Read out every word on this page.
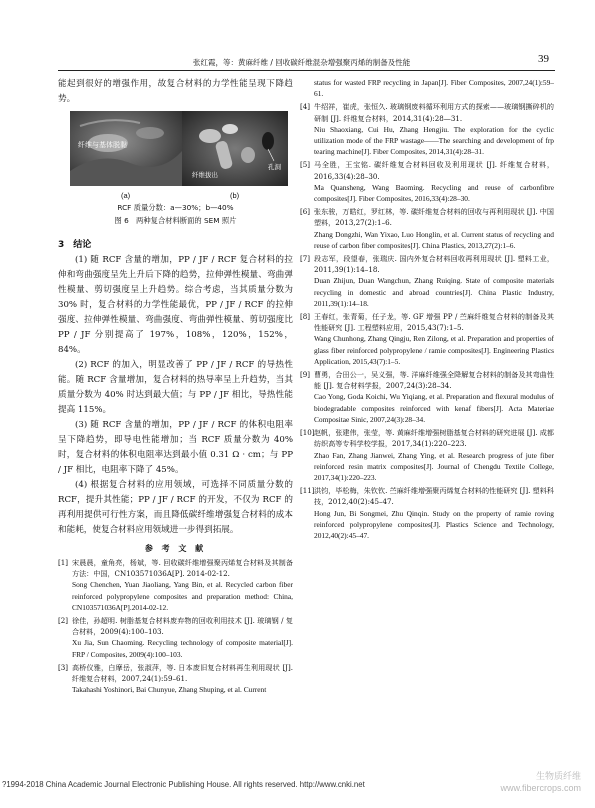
张红霞，等：黄麻纤维 / 回收碳纤维混杂增强聚丙烯的制备及性能	39

能起到很好的增强作用，故复合材料的力学性能呈现下降趋势。

纤维与基体脱黏
纤维拔出
孔洞
(a)	(b)
RCF 质量分数：a—30%；b—40%
图 6　两种复合材料断面的 SEM 照片
3　结论

(1) 随 RCF 含量的增加，PP / JF / RCF 复合材料的拉伸和弯曲强度呈先上升后下降的趋势，拉伸弹性模量、弯曲弹性模量、剪切强度呈上升趋势。综合考虑，当其质量分数为 30% 时，复合材料的力学性能最优，PP / JF / RCF 的拉伸强度、拉伸弹性模量、弯曲强度、弯曲弹性模量、剪切强度比 PP / JF 分别提高了 197%，108%，120%，152%，84%。

(2) RCF 的加入，明显改善了 PP / JF / RCF 的导热性能。随 RCF 含量增加，复合材料的热导率呈上升趋势，当其质量分数为 40% 时达到最大值；与 PP / JF 相比，导热性能提高 115%。

(3) 随 RCF 含量的增加，PP / JF / RCF 的体积电阻率呈下降趋势，即导电性能增加；当 RCF 质量分数为 40% 时，复合材料的体积电阻率达到最小值 0.31 Ω · cm；与 PP / JF 相比，电阻率下降了 45%。

(4) 根据复合材料的应用领域，可选择不同质量分数的 RCF，提升其性能；PP / JF / RCF 的开发，不仅为 RCF 的再利用提供可行性方案，而且降低碳纤维增强复合材料的成本和能耗，使复合材料应用领域进一步得到拓展。

参 考 文 献
[1] 宋晨晨，童角亮，杨斌，等. 回收碳纤维增强聚丙烯复合材料及其制备方法：中国，CN103571036A[P]. 2014-02-12.
Song Chenchen, Yuan Jiaoliang, Yang Bin, et al. Recycled carbon fiber reinforced polypropylene composites and preparation method: China, CN103571036A[P].2014-02-12.
[2] 徐佳，孙超明. 树脂基复合材料废弃物的回收利用技术 [J]. 玻璃钢 / 复合材料，2009(4):100–103.
Xu Jia, Sun Chaoming. Recycling technology of composite material[J]. FRP / Composites, 2009(4):100–103.
[3] 高桥仪雅，白摩岳，张淑萍，等. 日本废旧复合材料再生利用现状 [J]. 纤维复合材料，2007,24(1):59–61.
Takahashi Yoshinori, Bai Chunyue, Zhang Shuping, et al. Current
status for wasted FRP recycling in Japan[J]. Fiber Composites, 2007,24(1):59–61.
[4] 牛绍祥，崔虎，张恒久. 玻璃钢废料循环利用方式的探索——玻璃钢撕碎机的研制 [J]. 纤维复合材料，2014,31(4):28—31.
Niu Shaoxiang, Cui Hu, Zhang Hengjiu. The exploration for the cyclic utilization mode of the FRP wastage——The searching and development of frp tearing machine[J]. Fiber Composites, 2014,31(4):28–31.
[5] 马全胜，王宝铭. 碳纤维复合材料回收及利用现状 [J]. 纤维复合材料，2016,33(4):28–30.
Ma Quansheng, Wang Baoming. Recycling and reuse of carbonfibre composites[J]. Fiber Composites, 2016,33(4):28–30.
[6] 张东骏，万皓红，罗红林，等. 碳纤维复合材料的回收与再利用现状 [J]. 中国塑料，2013,27(2):1–6.
Zhang Dongzhi, Wan Yixao, Luo Honglin, et al. Current status of recycling and reuse of carbon fiber composites[J]. China Plastics, 2013,27(2):1–6.
[7] 段志军，段望春，张瑞庆. 国内外复合材料回收再利用现状 [J]. 塑料工业，2011,39(1):14–18.
Duan Zhijun, Duan Wangchun, Zhang Ruiqing. State of composite materials recycling in domestic and abroad countries[J]. China Plastic Industry, 2011,39(1):14–18.
[8] 王春红，张青菊，任子龙，等. GF 增强 PP / 苎麻纤维复合材料的制备及其性能研究 [J]. 工程塑料应用，2015,43(7):1–5.
Wang Chunhong, Zhang Qingju, Ren Zilong, et al. Preparation and properties of glass fiber reinforced polypropylene / ramie composites[J]. Engineering Plastics Application, 2015,43(7):1–5.
[9] 曹勇，合田公一，吴义强，等. 洋麻纤维强全降解复合材料的制备及其弯曲性能 [J]. 复合材料学报，2007,24(3):28–34.
Cao Yong, Goda Koichi, Wu Yiqiang, et al. Preparation and flexural modulus of biodegradable composites reinforced with kenaf fibers[J]. Acta Materiae Compositae Sinic, 2007,24(3):28–34.
[10] 赵帆，张建伟，张莹，等. 黄麻纤维增强树脂基复合材料的研究进展 [J]. 成都纺织高等专科学校学报，2017,34(1):220–223.
Zhao Fan, Zhang Jianwei, Zhang Ying, et al. Research progress of jute fiber reinforced resin matrix composites[J]. Journal of Chengdu Textile College, 2017,34(1):220–223.
[11] 洪钧，毕松梅，朱钦钦. 苎麻纤维增强聚丙烯复合材料的性能研究 [J]. 塑料科技，2012,40(2):45–47.
Hong Jun, Bi Songmei, Zhu Qinqin. Study on the property of ramie roving reinforced polypropylene composites[J]. Plastics Science and Technology, 2012,40(2):45–47.
?1994-2018 China Academic Journal Electronic Publishing House. All rights reserved. http://www.cnki.net
生物质纤维
www.fibercrops.com
